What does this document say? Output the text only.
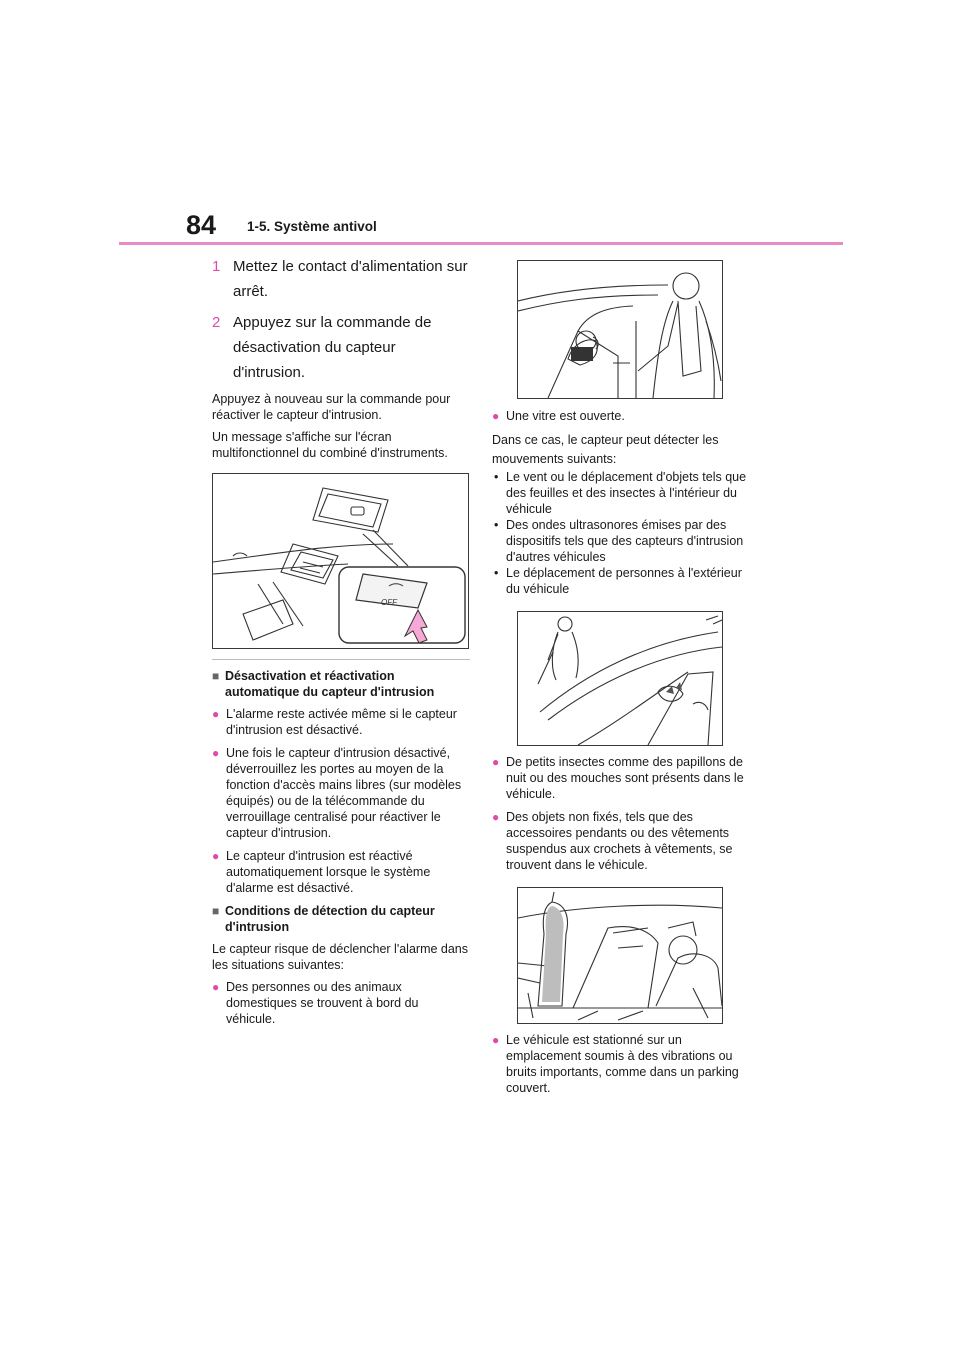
84 1-5. Système antivol
1 Mettez le contact d'alimentation sur arrêt.
2 Appuyez sur la commande de désactivation du capteur d'intrusion.

Appuyez à nouveau sur la commande pour réactiver le capteur d'intrusion.

Un message s'affiche sur l'écran multifonctionnel du combiné d'instruments.

OFF
■ Désactivation et réactivation automatique du capteur d'intrusion
● L'alarme reste activée même si le capteur d'intrusion est désactivé.
● Une fois le capteur d'intrusion désactivé, déverrouillez les portes au moyen de la fonction d'accès mains libres (sur modèles équipés) ou de la télécommande du verrouillage centralisé pour réactiver le capteur d'intrusion.
● Le capteur d'intrusion est réactivé automatiquement lorsque le système d'alarme est désactivé.
■ Conditions de détection du capteur d'intrusion

Le capteur risque de déclencher l'alarme dans les situations suivantes:

● Des personnes ou des animaux domestiques se trouvent à bord du véhicule.
● Une vitre est ouverte.

Dans ce cas, le capteur peut détecter les mouvements suivants:

• Le vent ou le déplacement d'objets tels que des feuilles et des insectes à l'intérieur du véhicule
• Des ondes ultrasonores émises par des dispositifs tels que des capteurs d'intrusion d'autres véhicules
• Le déplacement de personnes à l'extérieur du véhicule
● De petits insectes comme des papillons de nuit ou des mouches sont présents dans le véhicule.
● Des objets non fixés, tels que des accessoires pendants ou des vêtements suspendus aux crochets à vêtements, se trouvent dans le véhicule.
● Le véhicule est stationné sur un emplacement soumis à des vibrations ou bruits importants, comme dans un parking couvert.
